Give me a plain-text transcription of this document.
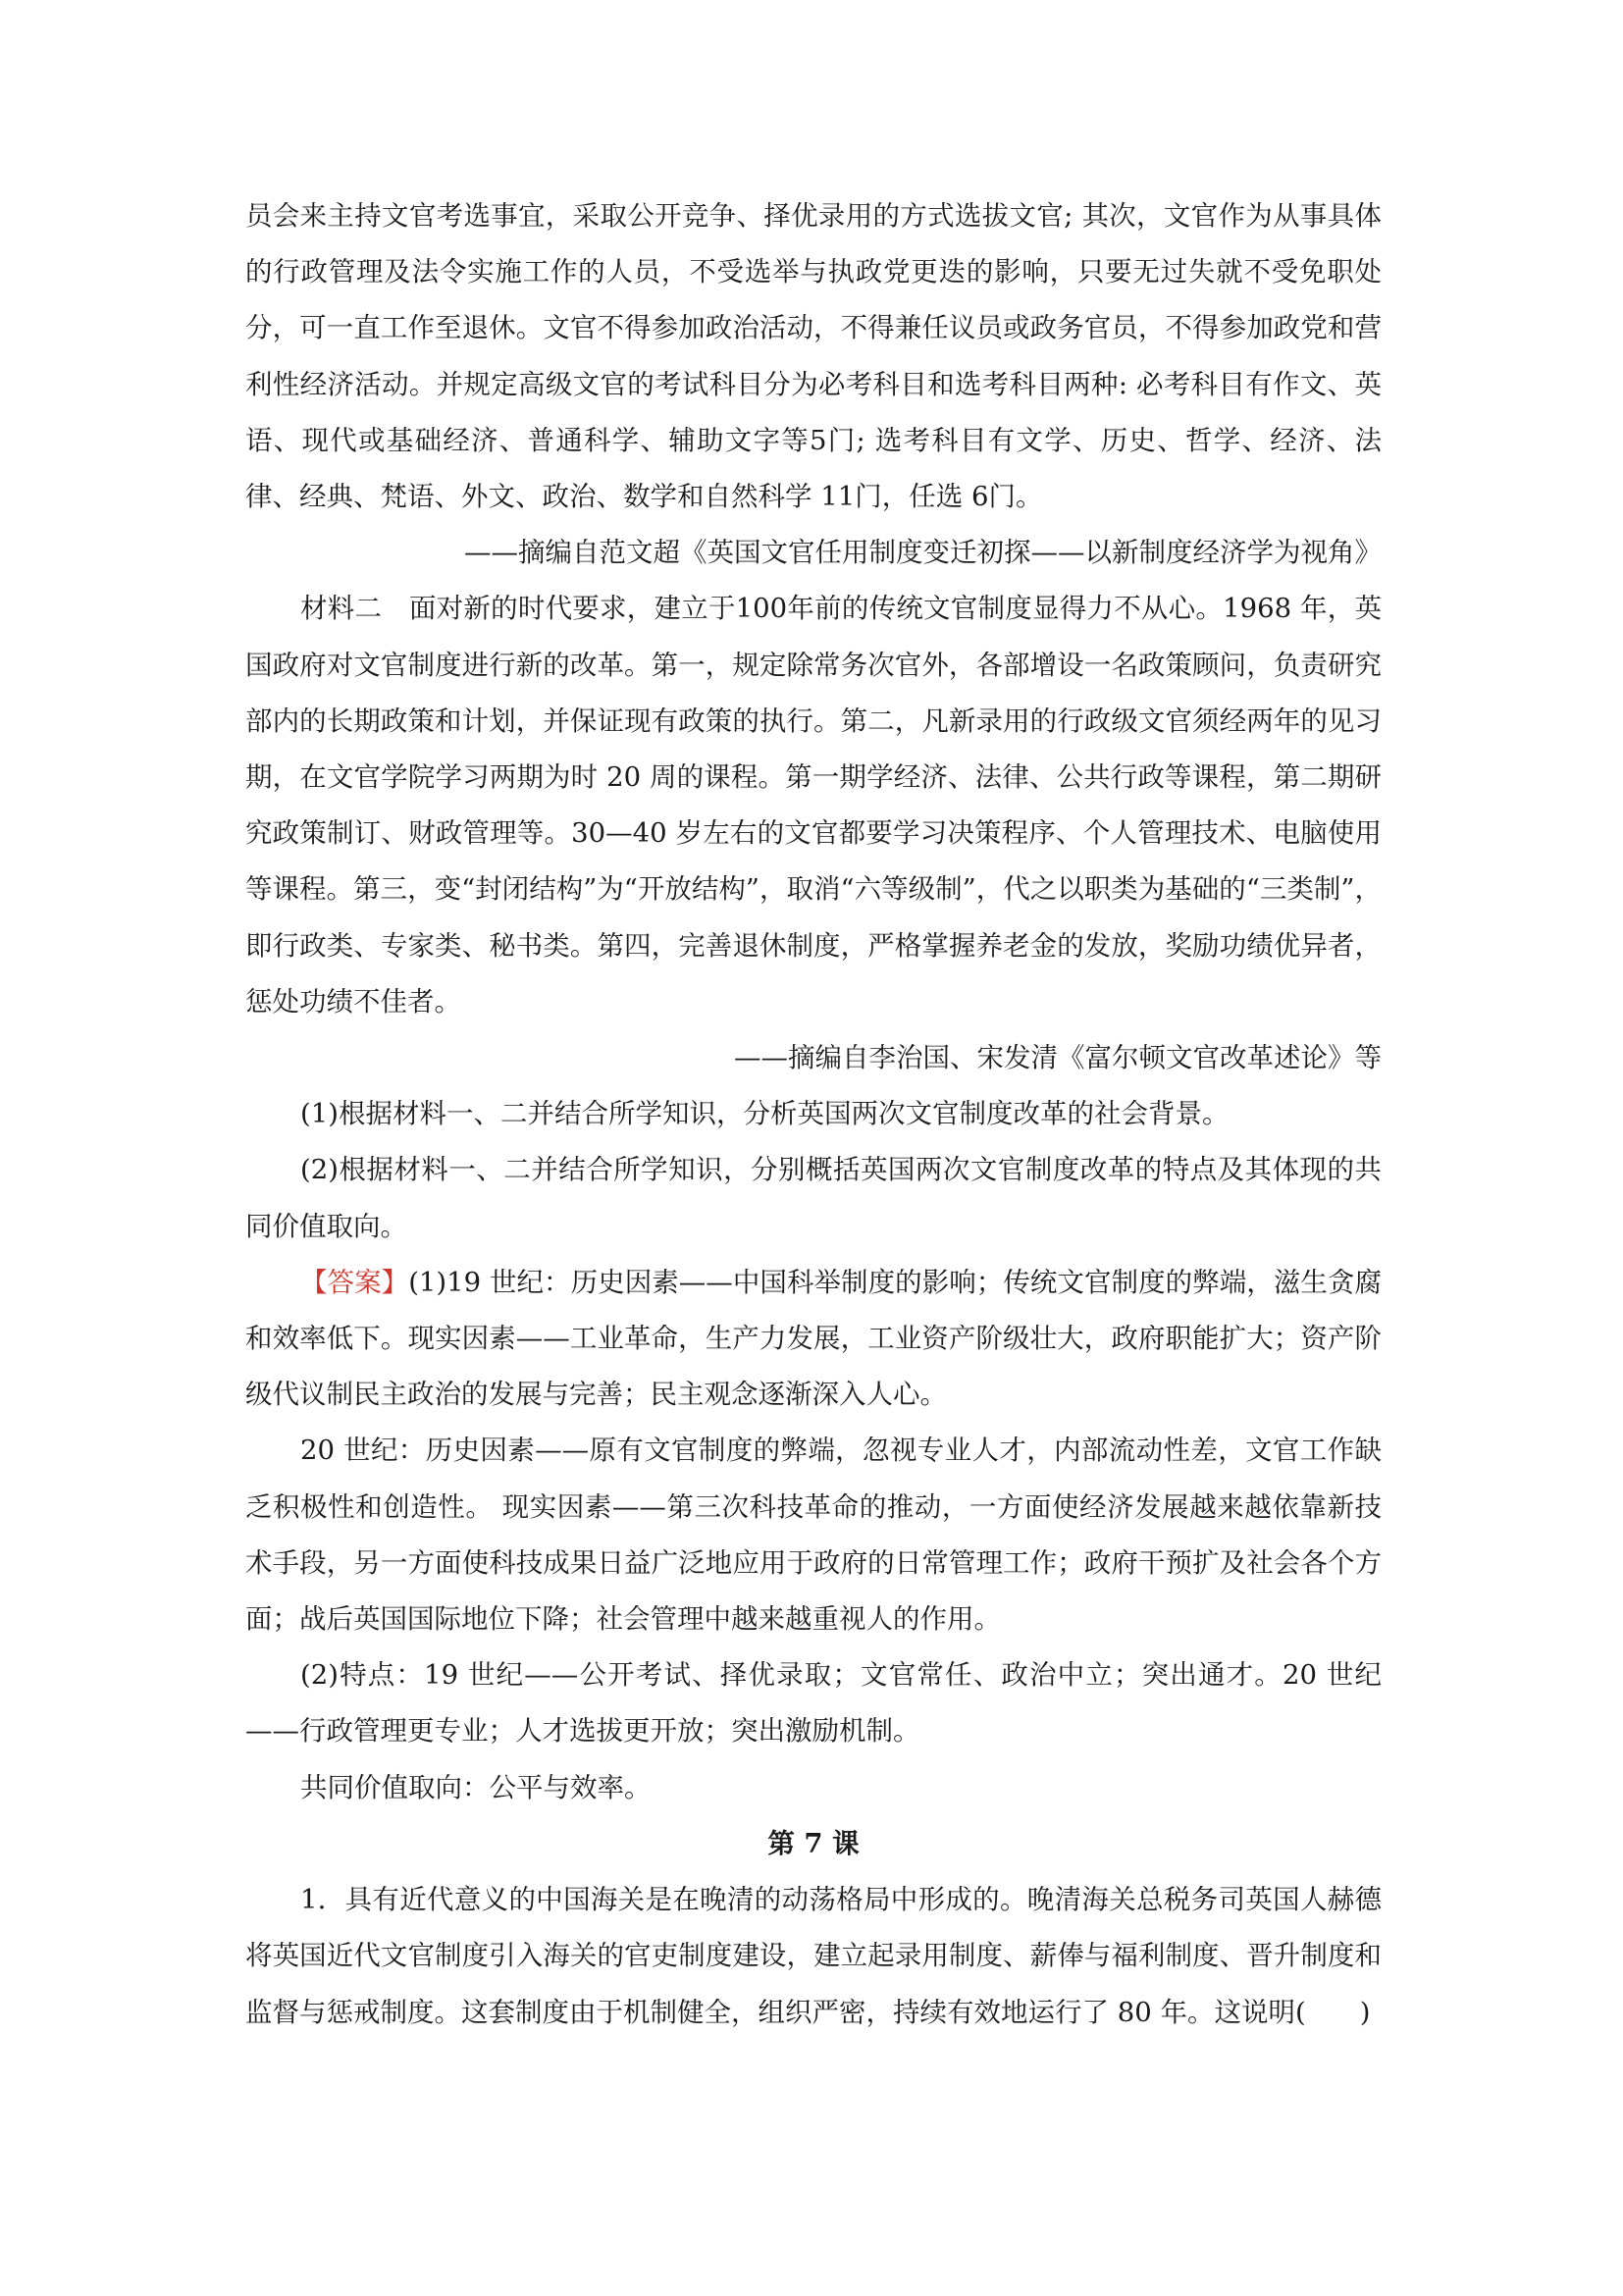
员会来主持文官考选事宜，采取公开竞争、择优录用的方式选拔文官; 其次，文官作为从事具体的行政管理及法令实施工作的人员，不受选举与执政党更迭的影响，只要无过失就不受免职处分，可一直工作至退休。文官不得参加政治活动，不得兼任议员或政务官员，不得参加政党和营利性经济活动。并规定高级文官的考试科目分为必考科目和选考科目两种: 必考科目有作文、英语、现代或基础经济、普通科学、辅助文字等5门; 选考科目有文学、历史、哲学、经济、法律、经典、梵语、外文、政治、数学和自然科学 11门，任选 6门。

——摘编自范文超《英国文官任用制度变迁初探——以新制度经济学为视角》

材料二　面对新的时代要求，建立于100年前的传统文官制度显得力不从心。1968 年，英国政府对文官制度进行新的改革。第一，规定除常务次官外，各部增设一名政策顾问，负责研究部内的长期政策和计划，并保证现有政策的执行。第二，凡新录用的行政级文官须经两年的见习期，在文官学院学习两期为时 20 周的课程。第一期学经济、法律、公共行政等课程，第二期研究政策制订、财政管理等。30—40 岁左右的文官都要学习决策程序、个人管理技术、电脑使用等课程。第三，变“封闭结构”为“开放结构”，取消“六等级制”，代之以职类为基础的“三类制”，即行政类、专家类、秘书类。第四，完善退休制度，严格掌握养老金的发放，奖励功绩优异者，惩处功绩不佳者。

——摘编自李治国、宋发清《富尔顿文官改革述论》等

(1)根据材料一、二并结合所学知识，分析英国两次文官制度改革的社会背景。

(2)根据材料一、二并结合所学知识，分别概括英国两次文官制度改革的特点及其体现的共同价值取向。

【答案】(1)19 世纪：历史因素——中国科举制度的影响；传统文官制度的弊端，滋生贪腐和效率低下。现实因素——工业革命，生产力发展，工业资产阶级壮大，政府职能扩大；资产阶级代议制民主政治的发展与完善；民主观念逐渐深入人心。

20 世纪：历史因素——原有文官制度的弊端，忽视专业人才，内部流动性差，文官工作缺乏积极性和创造性。 现实因素——第三次科技革命的推动，一方面使经济发展越来越依靠新技术手段，另一方面使科技成果日益广泛地应用于政府的日常管理工作；政府干预扩及社会各个方面；战后英国国际地位下降；社会管理中越来越重视人的作用。

(2)特点：19 世纪——公开考试、择优录取；文官常任、政治中立；突出通才。20 世纪——行政管理更专业；人才选拔更开放；突出激励机制。

共同价值取向：公平与效率。

第 7 课

1．具有近代意义的中国海关是在晚清的动荡格局中形成的。晚清海关总税务司英国人赫德将英国近代文官制度引入海关的官吏制度建设，建立起录用制度、薪俸与福利制度、晋升制度和监督与惩戒制度。这套制度由于机制健全，组织严密，持续有效地运行了 80 年。这说明(　　)
